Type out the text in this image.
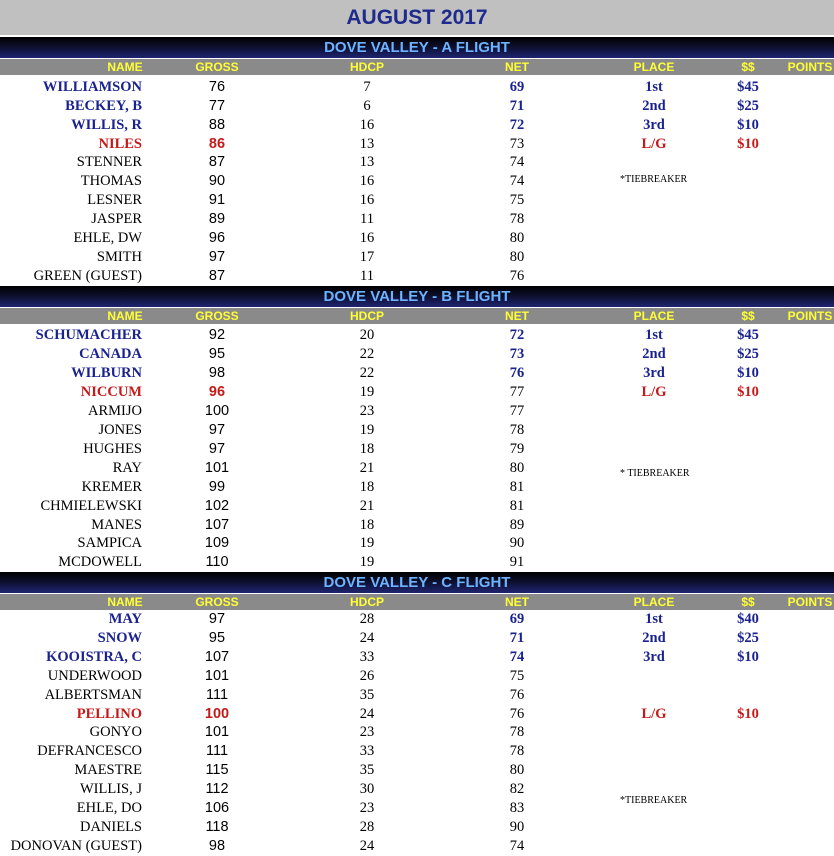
AUGUST 2017
DOVE VALLEY - A FLIGHT
NAME	GROSS	HDCP	NET	PLACE	$$	POINTS
WILLIAMSON	76	7	69	1st	$45
BECKEY, B	77	6	71	2nd	$25
WILLIS, R	88	16	72	3rd	$10
NILES	86	13	73	L/G	$10
STENNER	87	13	74
THOMAS	90	16	74
LESNER	91	16	75
JASPER	89	11	78
EHLE, DW	96	16	80
SMITH	97	17	80
GREEN (GUEST)	87	11	76
*TIEBREAKER
DOVE VALLEY - B FLIGHT
NAME	GROSS	HDCP	NET	PLACE	$$	POINTS
SCHUMACHER	92	20	72	1st	$45
CANADA	95	22	73	2nd	$25
WILBURN	98	22	76	3rd	$10
NICCUM	96	19	77	L/G	$10
ARMIJO	100	23	77
JONES	97	19	78
HUGHES	97	18	79
RAY	101	21	80
KREMER	99	18	81
CHMIELEWSKI	102	21	81
MANES	107	18	89
SAMPICA	109	19	90
MCDOWELL	110	19	91
* TIEBREAKER
DOVE VALLEY - C FLIGHT
NAME	GROSS	HDCP	NET	PLACE	$$	POINTS
MAY	97	28	69	1st	$40
SNOW	95	24	71	2nd	$25
KOOISTRA, C	107	33	74	3rd	$10
UNDERWOOD	101	26	75
ALBERTSMAN	111	35	76
PELLINO	100	24	76	L/G	$10
GONYO	101	23	78
DEFRANCESCO	111	33	78
MAESTRE	115	35	80
WILLIS, J	112	30	82
EHLE, DO	106	23	83
DANIELS	118	28	90
DONOVAN (GUEST)	98	24	74
*TIEBREAKER
